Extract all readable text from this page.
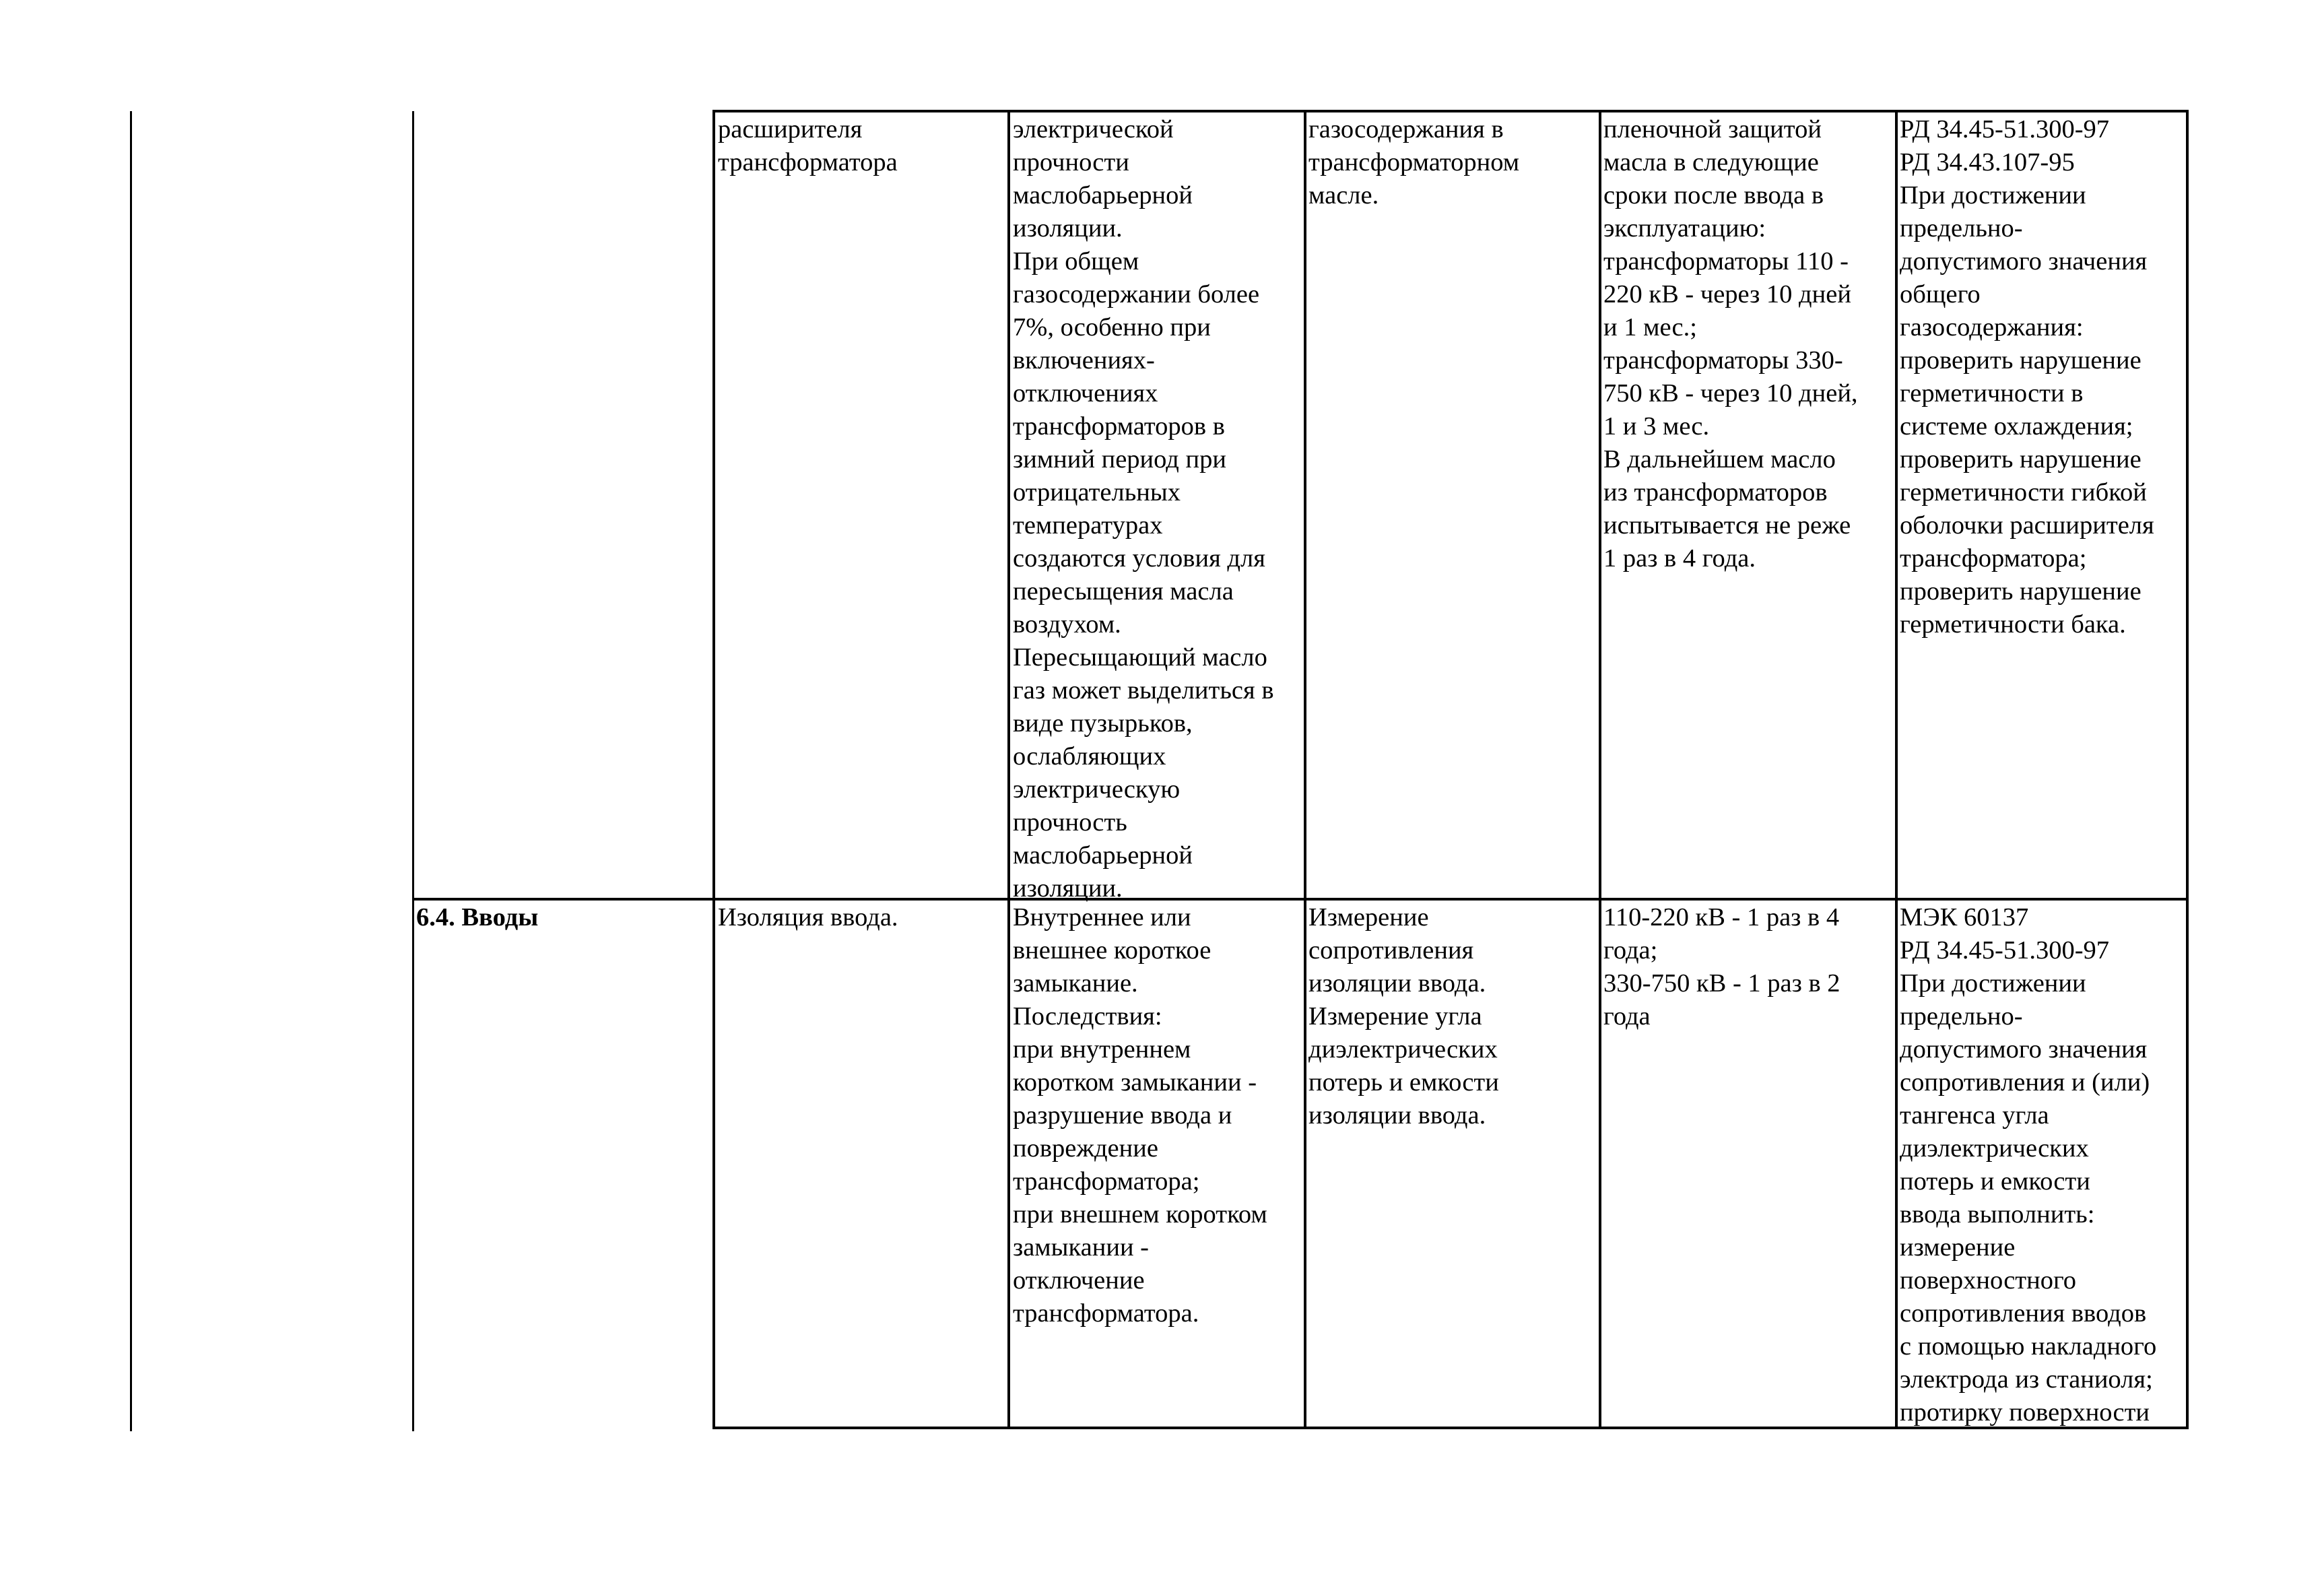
расширителя
трансформатора
электрической
прочности
маслобарьерной
изоляции.
При общем
газосодержании более
7%, особенно при
включениях-
отключениях
трансформаторов в
зимний период при
отрицательных
температурах
создаются условия для
пересыщения масла
воздухом.
Пересыщающий масло
газ может выделиться в
виде пузырьков,
ослабляющих
электрическую
прочность
маслобарьерной
изоляции.
газосодержания в
трансформаторном
масле.
пленочной защитой
масла в следующие
сроки после ввода в
эксплуатацию:
трансформаторы 110 -
220 кВ - через 10 дней
и 1 мес.;
трансформаторы 330-
750 кВ - через 10 дней,
1 и 3 мес.
В дальнейшем масло
из трансформаторов
испытывается не реже
1 раз в 4 года.
РД 34.45-51.300-97
РД 34.43.107-95
При достижении
предельно-
допустимого значения
общего
газосодержания:
проверить нарушение
герметичности в
системе охлаждения;
проверить нарушение
герметичности гибкой
оболочки расширителя
трансформатора;
проверить нарушение
герметичности бака.
6.4. Вводы	Изоляция ввода.	Внутреннее или
внешнее короткое
замыкание.
Последствия:
при внутреннем
коротком замыкании -
разрушение ввода и
повреждение
трансформатора;
при внешнем коротком
замыкании -
отключение
трансформатора.
Измерение
сопротивления
изоляции ввода.
Измерение угла
диэлектрических
потерь и емкости
изоляции ввода.
110-220 кВ - 1 раз в 4
года;
330-750 кВ - 1 раз в 2
года
МЭК 60137
РД 34.45-51.300-97
При достижении
предельно-
допустимого значения
сопротивления и (или)
тангенса угла
диэлектрических
потерь и емкости
ввода выполнить:
измерение
поверхностного
сопротивления вводов
с помощью накладного
электрода из станиоля;
протирку поверхности
